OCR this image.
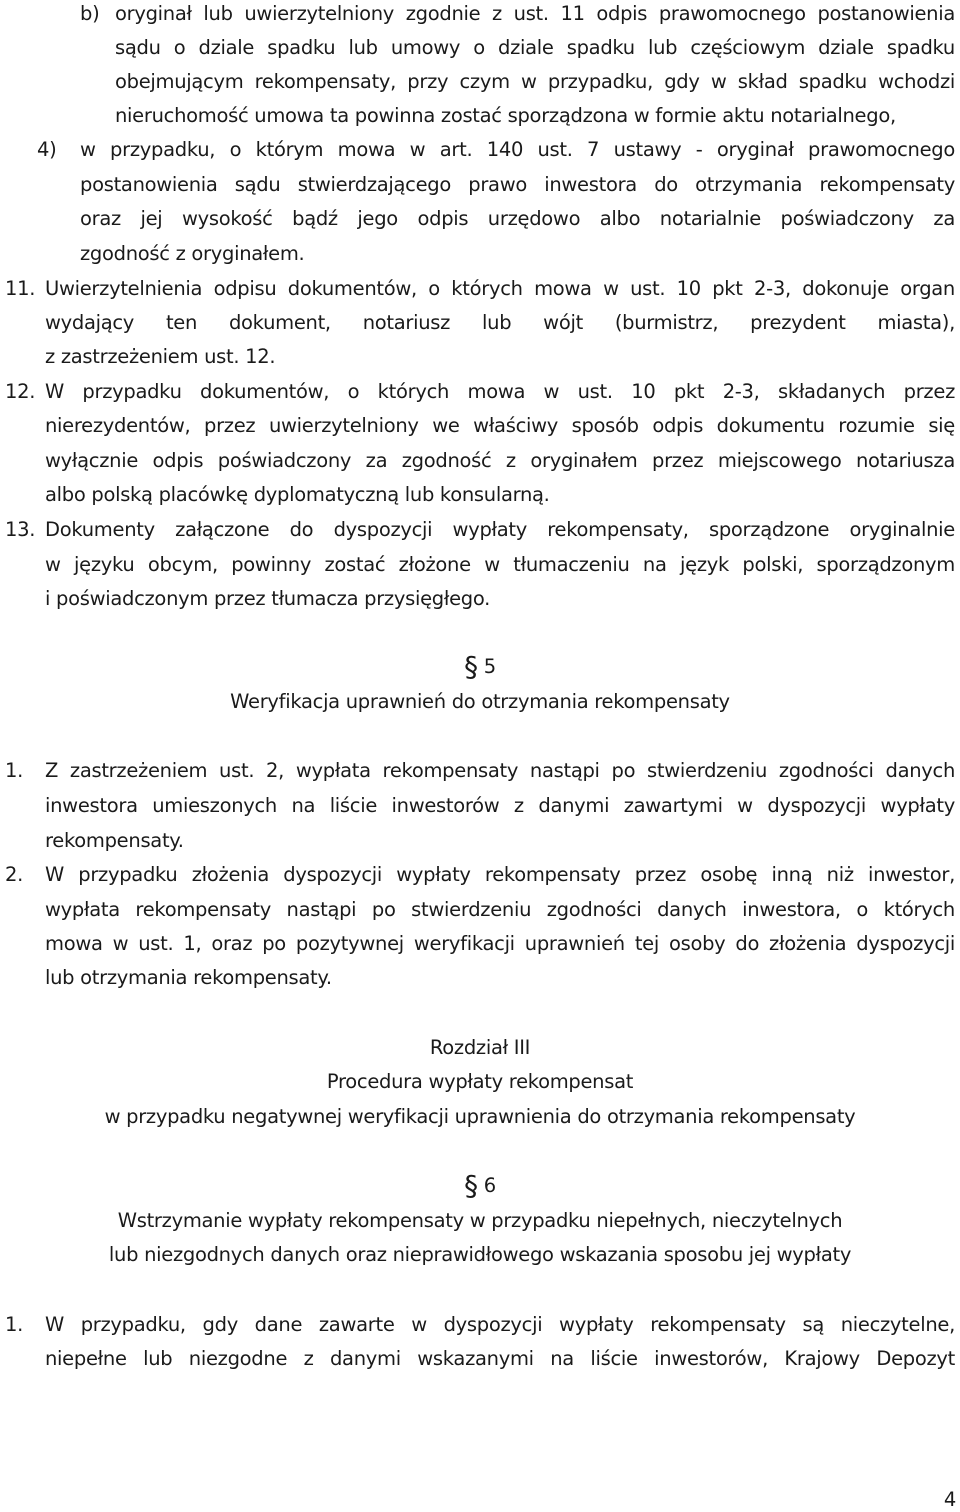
b) oryginał lub uwierzytelniony zgodnie z ust. 11 odpis prawomocnego postanowienia
sądu o dziale spadku lub umowy o dziale spadku lub częściowym dziale spadku
obejmującym rekompensaty, przy czym w przypadku, gdy w skład spadku wchodzi
nieruchomość umowa ta powinna zostać sporządzona w formie aktu notarialnego,
4) w przypadku, o którym mowa w art. 140 ust. 7 ustawy - oryginał prawomocnego
postanowienia sądu stwierdzającego prawo inwestora do otrzymania rekompensaty
oraz jej wysokość bądź jego odpis urzędowo albo notarialnie poświadczony za
zgodność z oryginałem.
11. Uwierzytelnienia odpisu dokumentów, o których mowa w ust. 10 pkt 2-3, dokonuje organ
wydający ten dokument, notariusz lub wójt (burmistrz, prezydent miasta),
z zastrzeżeniem ust. 12.
12. W przypadku dokumentów, o których mowa w ust. 10 pkt 2-3, składanych przez
nierezydentów, przez uwierzytelniony we właściwy sposób odpis dokumentu rozumie się
wyłącznie odpis poświadczony za zgodność z oryginałem przez miejscowego notariusza
albo polską placówkę dyplomatyczną lub konsularną.
13. Dokumenty załączone do dyspozycji wypłaty rekompensaty, sporządzone oryginalnie
w języku obcym, powinny zostać złożone w tłumaczeniu na język polski, sporządzonym
i poświadczonym przez tłumacza przysięgłego.
§ 5
Weryfikacja uprawnień do otrzymania rekompensaty
1. Z zastrzeżeniem ust. 2, wypłata rekompensaty nastąpi po stwierdzeniu zgodności danych
inwestora umieszonych na liście inwestorów z danymi zawartymi w dyspozycji wypłaty
rekompensaty.
2. W przypadku złożenia dyspozycji wypłaty rekompensaty przez osobę inną niż inwestor,
wypłata rekompensaty nastąpi po stwierdzeniu zgodności danych inwestora, o których
mowa w ust. 1, oraz po pozytywnej weryfikacji uprawnień tej osoby do złożenia dyspozycji
lub otrzymania rekompensaty.
Rozdział III
Procedura wypłaty rekompensat
w przypadku negatywnej weryfikacji uprawnienia do otrzymania rekompensaty
§ 6
Wstrzymanie wypłaty rekompensaty w przypadku niepełnych, nieczytelnych
lub niezgodnych danych oraz nieprawidłowego wskazania sposobu jej wypłaty
1. W przypadku, gdy dane zawarte w dyspozycji wypłaty rekompensaty są nieczytelne,
niepełne lub niezgodne z danymi wskazanymi na liście inwestorów, Krajowy Depozyt
4
